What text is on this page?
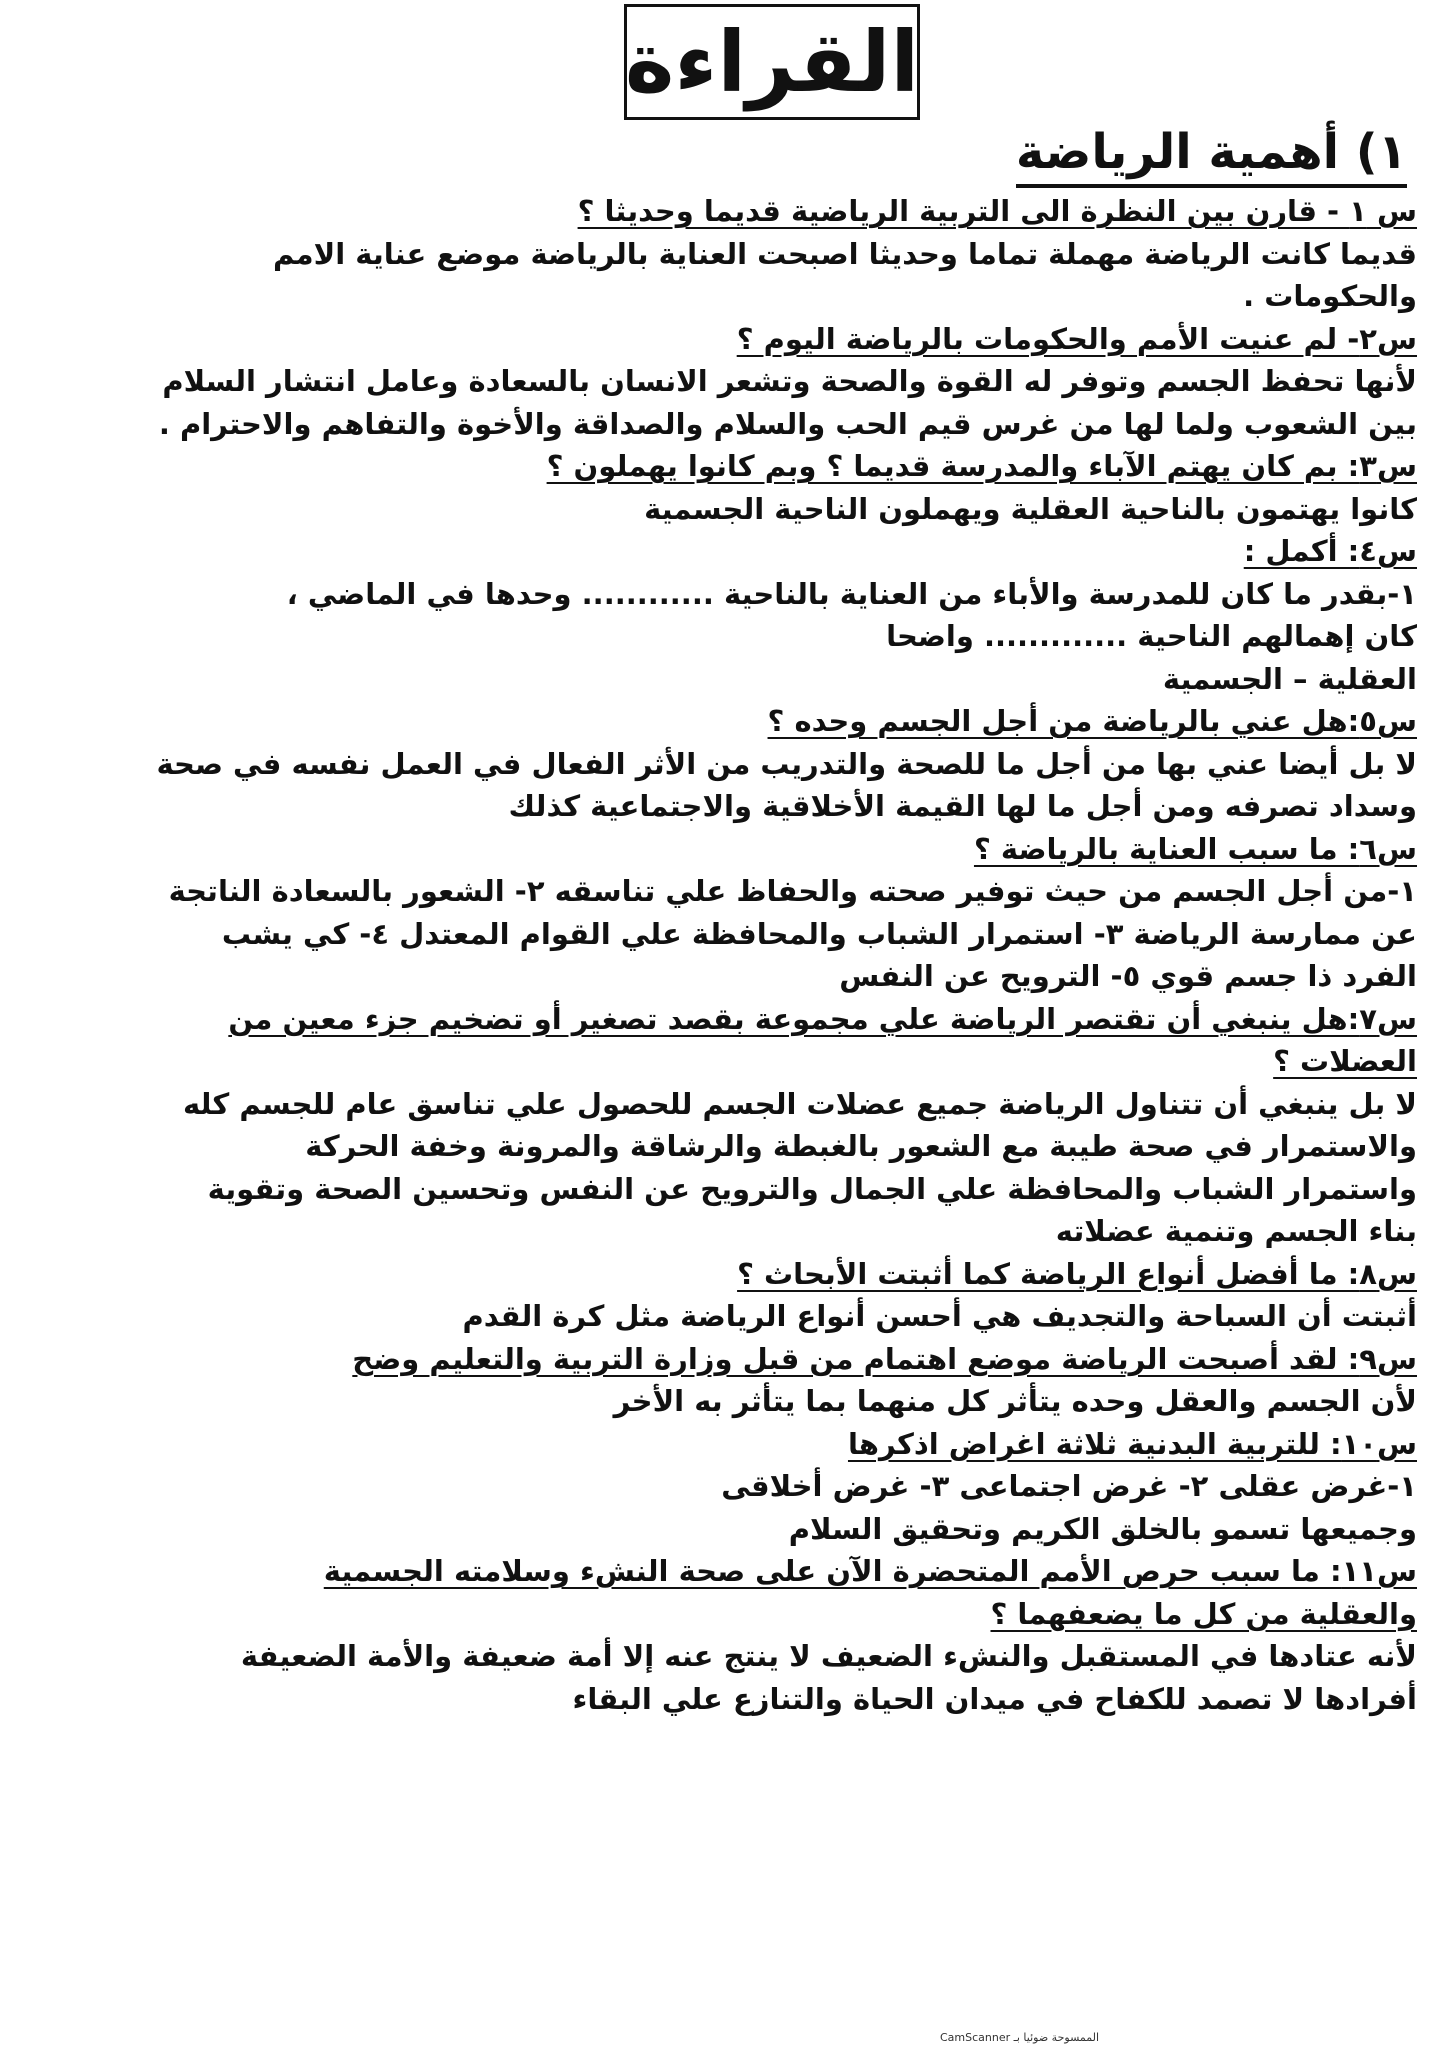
القراءة
١) أهمية الرياضة
س ١ - قارن بين النظرة الى التربية الرياضية قديما وحديثا ؟
قديما كانت الرياضة مهملة تماما وحديثا اصبحت العناية بالرياضة موضع عناية الامم
والحكومات .
س٢- لم عنيت الأمم والحكومات بالرياضة اليوم ؟
لأنها تحفظ الجسم وتوفر له القوة والصحة وتشعر الانسان بالسعادة وعامل انتشار السلام
بين الشعوب ولما لها من غرس قيم الحب والسلام والصداقة والأخوة والتفاهم والاحترام .
س٣: بم كان يهتم الآباء والمدرسة قديما ؟ وبم كانوا يهملون ؟
كانوا يهتمون بالناحية العقلية ويهملون الناحية الجسمية
س٤: أكمل :
١-بقدر ما كان للمدرسة والأباء من العناية بالناحية ............ وحدها في الماضي ،
كان إهمالهم الناحية ............. واضحا
العقلية – الجسمية
س٥:هل عني بالرياضة من أجل الجسم وحده ؟
لا بل أيضا عني بها من أجل ما للصحة والتدريب من الأثر الفعال في العمل نفسه في صحة
وسداد تصرفه ومن أجل ما لها القيمة الأخلاقية والاجتماعية كذلك
س٦: ما سبب العناية بالرياضة ؟
١-من أجل الجسم من حيث توفير صحته والحفاظ علي تناسقه ٢- الشعور بالسعادة الناتجة
عن ممارسة الرياضة ٣- استمرار الشباب والمحافظة علي القوام المعتدل ٤- كي يشب
الفرد ذا جسم قوي ٥- الترويح عن النفس
س٧:هل ينبغي أن تقتصر الرياضة علي مجموعة بقصد تصغير أو تضخيم جزء معين من
العضلات ؟
لا بل ينبغي أن تتناول الرياضة جميع عضلات الجسم للحصول علي تناسق عام للجسم كله
والاستمرار في صحة طيبة مع الشعور بالغبطة والرشاقة والمرونة وخفة الحركة
واستمرار الشباب والمحافظة علي الجمال والترويح عن النفس وتحسين الصحة وتقوية
بناء الجسم وتنمية عضلاته
س٨: ما أفضل أنواع الرياضة كما أثبتت الأبحاث ؟
أثبتت أن السباحة والتجديف هي أحسن أنواع الرياضة مثل كرة القدم
س٩: لقد أصبحت الرياضة موضع اهتمام من قبل وزارة التربية والتعليم وضح
لأن الجسم والعقل وحده يتأثر كل منهما بما يتأثر به الأخر
س١٠: للتربية البدنية ثلاثة اغراض اذكرها
١-غرض عقلى ٢- غرض اجتماعى ٣- غرض أخلاقى
وجميعها تسمو بالخلق الكريم وتحقيق السلام
س١١: ما سبب حرص الأمم المتحضرة الآن على صحة النشء وسلامته الجسمية
والعقلية من كل ما يضعفهما ؟
لأنه عتادها في المستقبل والنشء الضعيف لا ينتج عنه إلا أمة ضعيفة والأمة الضعيفة
أفرادها لا تصمد للكفاح في ميدان الحياة والتنازع علي البقاء
الممسوحة ضوئيا بـ CamScanner
